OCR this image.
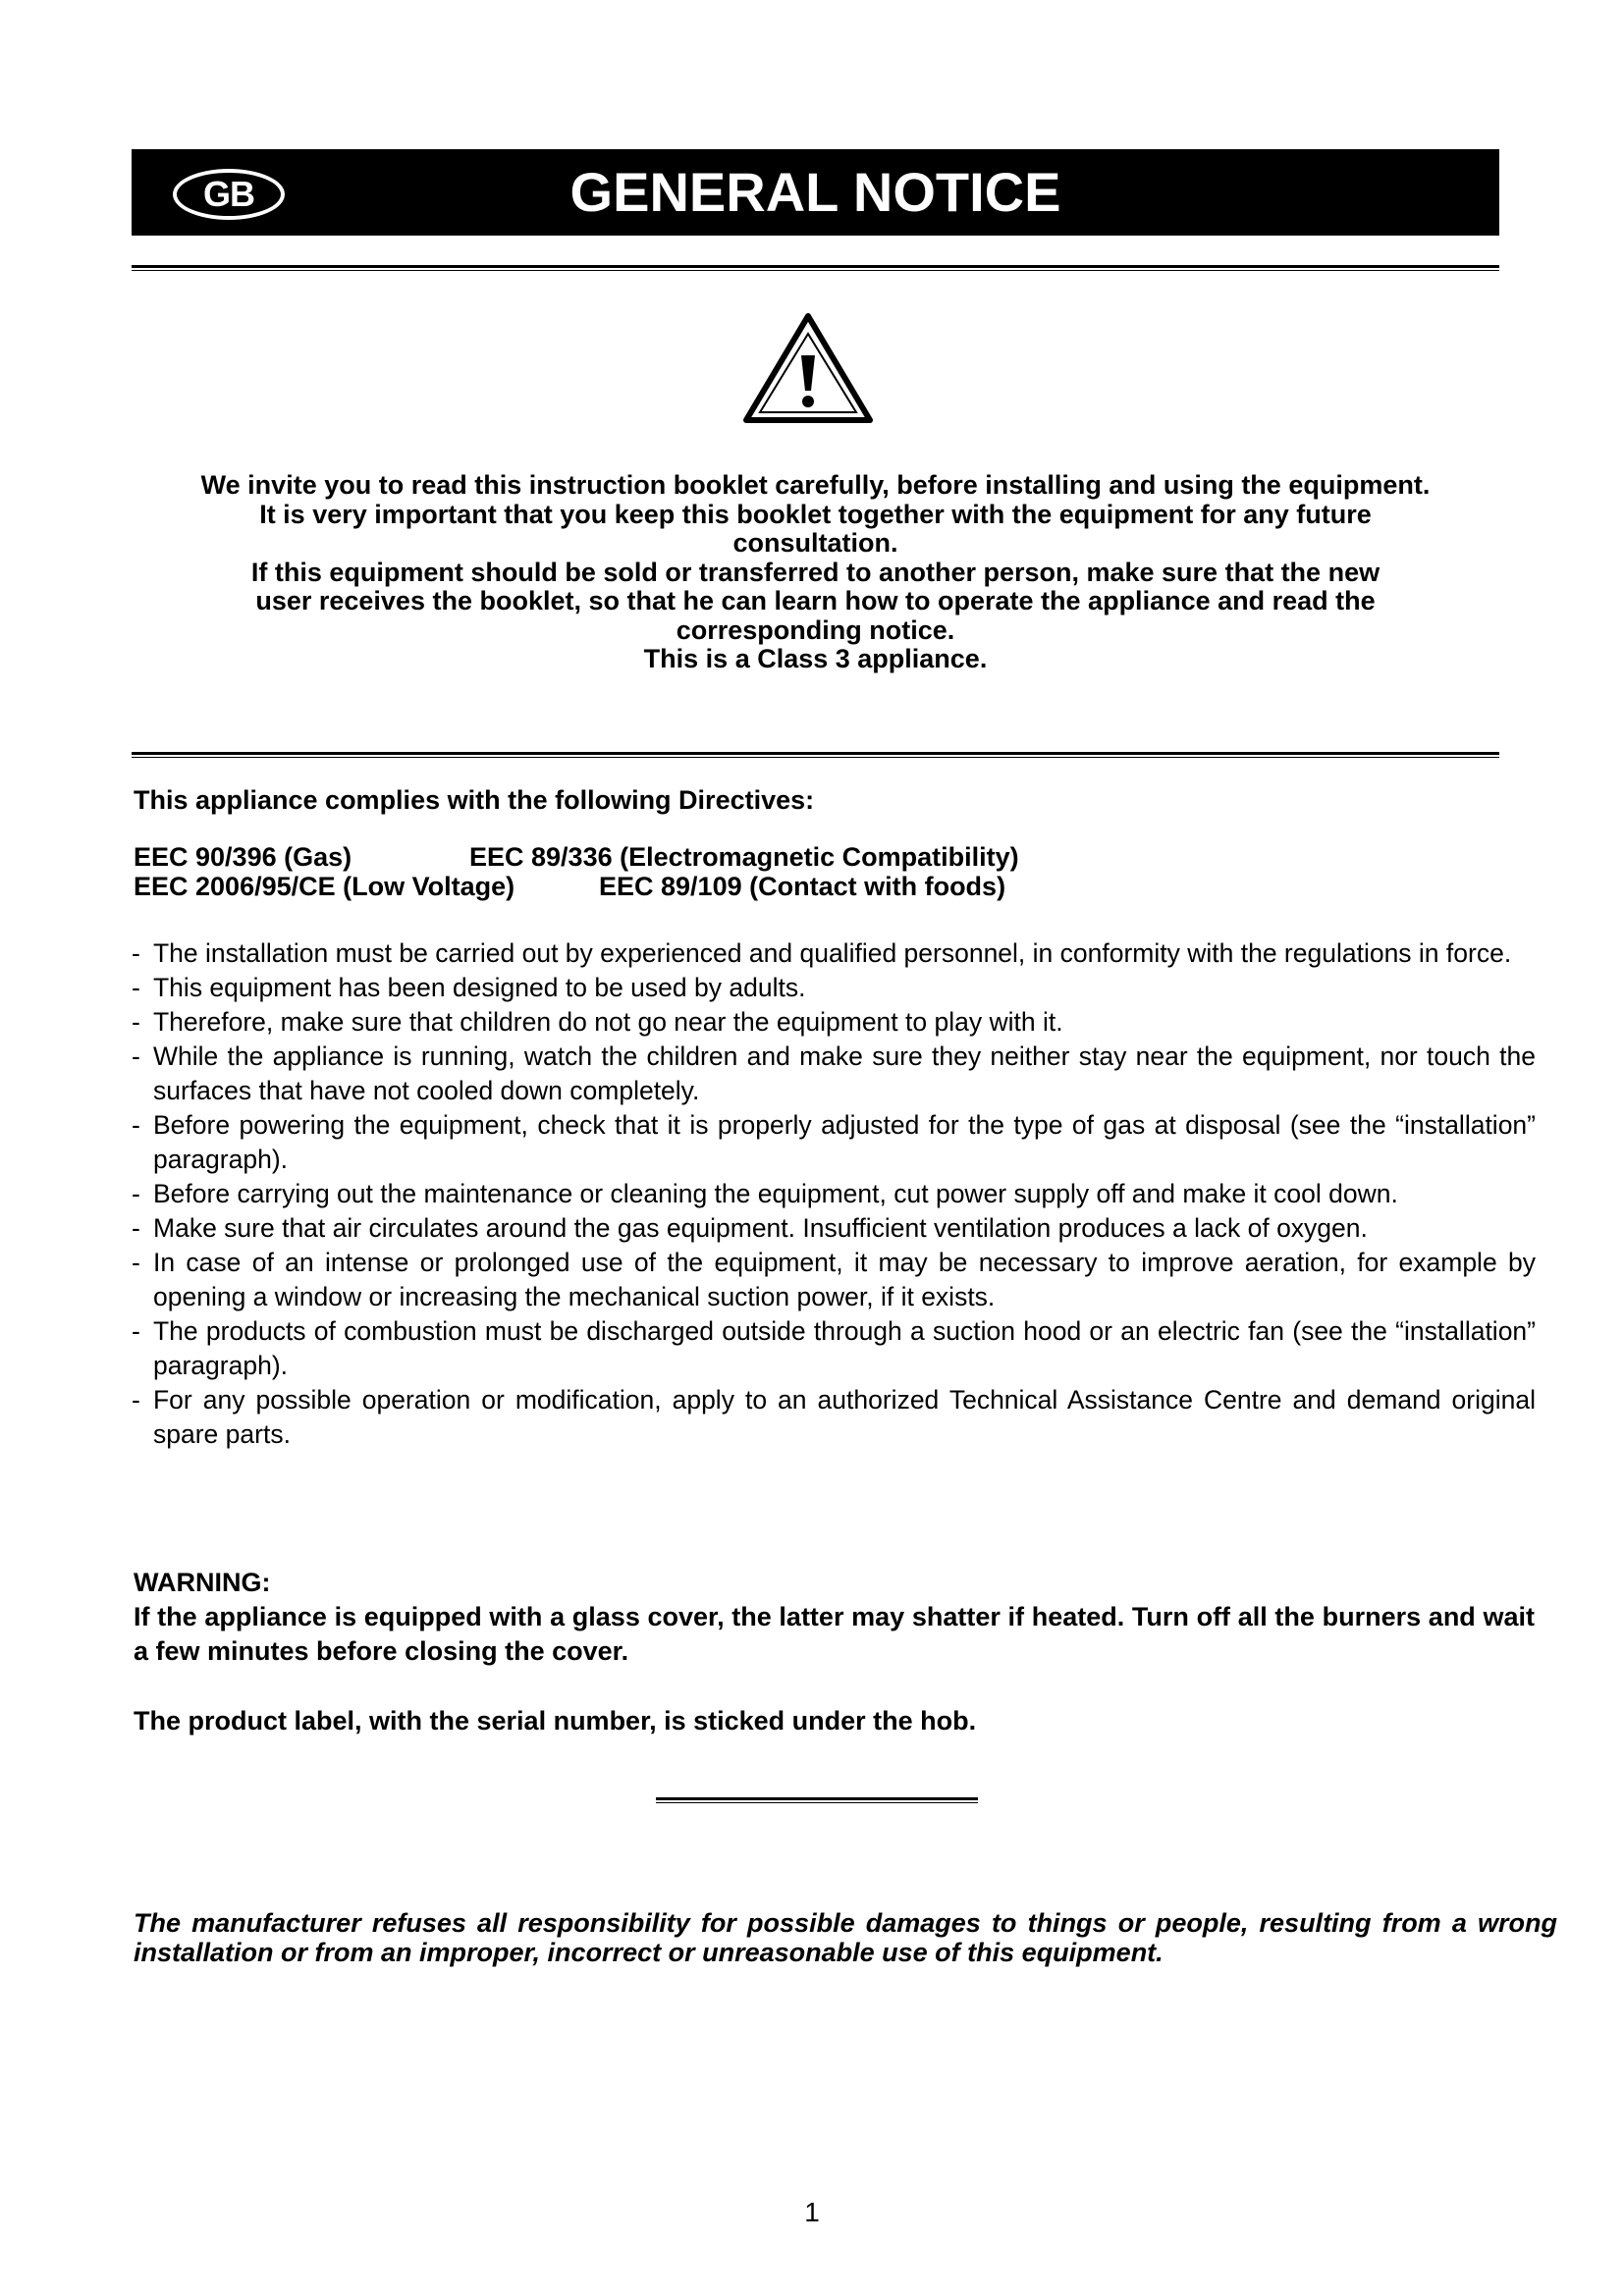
GB	GENERAL NOTICE
We invite you to read this instruction booklet carefully, before installing and using the equipment.
It is very important that you keep this booklet together with the equipment for any future
consultation.
If this equipment should be sold or transferred to another person, make sure that the new
user receives the booklet, so that he can learn how to operate the appliance and read the
corresponding notice.
This is a Class 3 appliance.
This appliance complies with the following Directives:
EEC 90/396 (Gas)	EEC 89/336 (Electromagnetic Compatibility)
EEC 2006/95/CE (Low Voltage)	EEC 89/109 (Contact with foods)
- The installation must be carried out by experienced and qualified personnel, in conformity with the regulations in force.
- This equipment has been designed to be used by adults.
- Therefore, make sure that children do not go near the equipment to play with it.
- While the appliance is running, watch the children and make sure they neither stay near the equipment, nor touch the surfaces that have not cooled down completely.
- Before powering the equipment, check that it is properly adjusted for the type of gas at disposal (see the “installation” paragraph).
- Before carrying out the maintenance or cleaning the equipment, cut power supply off and make it cool down.
- Make sure that air circulates around the gas equipment. Insufficient ventilation produces a lack of oxygen.
- In case of an intense or prolonged use of the equipment, it may be necessary to improve aeration, for example by opening a window or increasing the mechanical suction power, if it exists.
- The products of combustion must be discharged outside through a suction hood or an electric fan (see the “installation” paragraph).
- For any possible operation or modification, apply to an authorized Technical Assistance Centre and demand original spare parts.
WARNING:
If the appliance is equipped with a glass cover, the latter may shatter if heated. Turn off all the burners and wait a few minutes before closing the cover.
The product label, with the serial number, is sticked under the hob.
The manufacturer refuses all responsibility for possible damages to things or people, resulting from a wrong installation or from an improper, incorrect or unreasonable use of this equipment.
1
